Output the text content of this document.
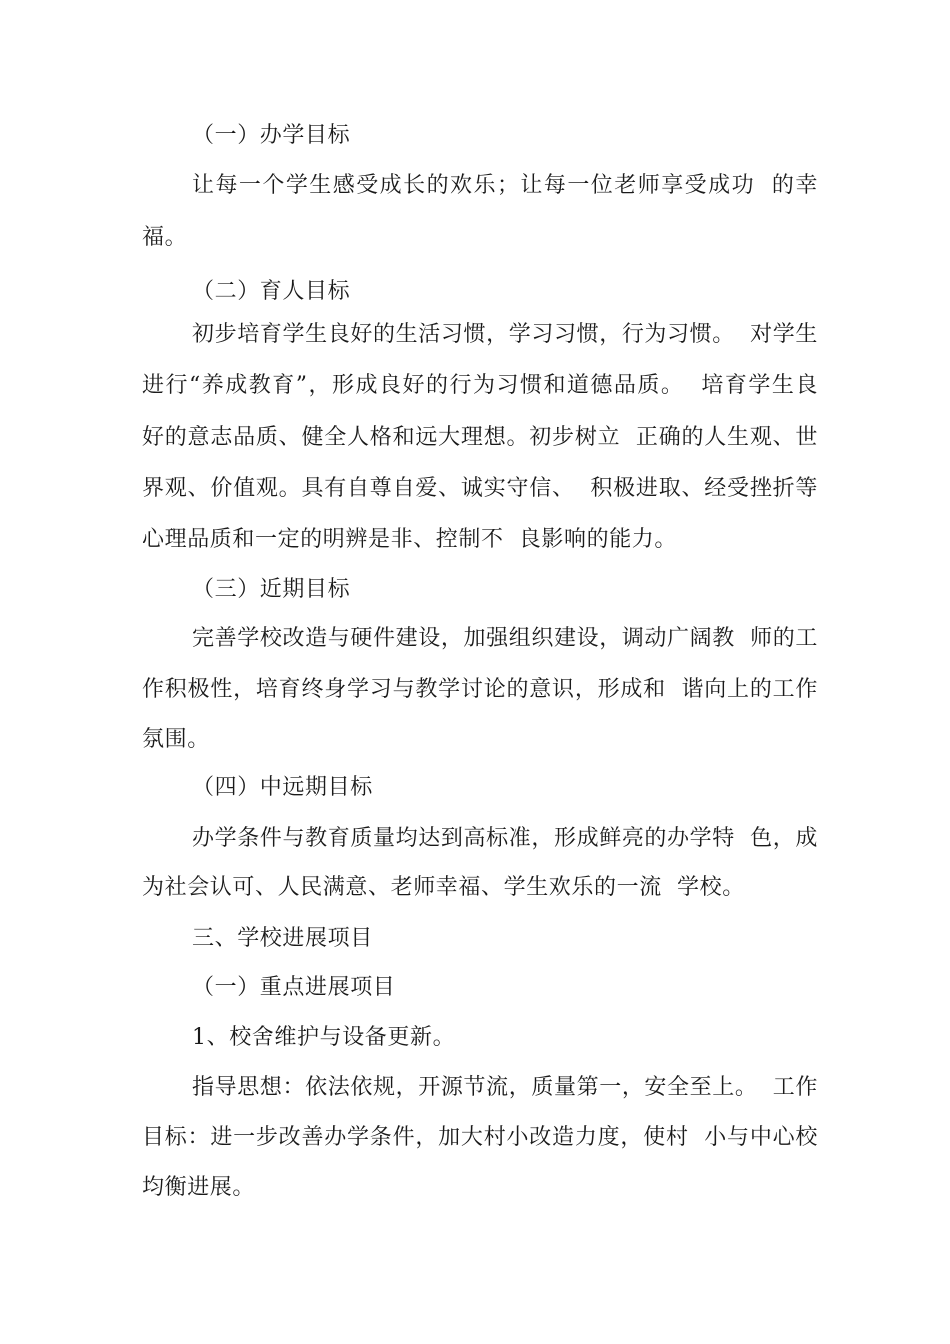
（一）办学目标
让每一个学生感受成长的欢乐；让每一位老师享受成功  的幸
福。
（二）育人目标
初步培育学生良好的生活习惯，学习习惯，行为习惯。  对学生
进行“养成教育”，形成良好的行为习惯和道德品质。  培育学生良
好的意志品质、健全人格和远大理想。初步树立  正确的人生观、世
界观、价值观。具有自尊自爱、诚实守信、  积极进取、经受挫折等
心理品质和一定的明辨是非、控制不  良影响的能力。
（三）近期目标
完善学校改造与硬件建设，加强组织建设，调动广阔教  师的工
作积极性，培育终身学习与教学讨论的意识，形成和  谐向上的工作
氛围。
（四）中远期目标
办学条件与教育质量均达到高标准，形成鲜亮的办学特  色，成
为社会认可、人民满意、老师幸福、学生欢乐的一流  学校。
三、学校进展项目
（一）重点进展项目
1、校舍维护与设备更新。
指导思想：依法依规，开源节流，质量第一，安全至上。  工作
目标：进一步改善办学条件，加大村小改造力度，使村  小与中心校
均衡进展。
